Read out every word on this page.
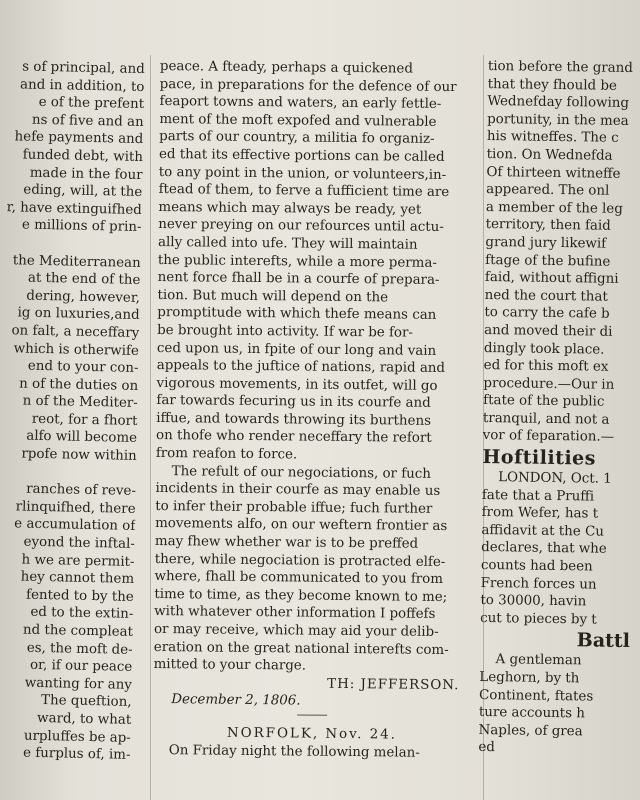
s of principal, and
and in addition, to
e of the prefent
ns of five and an
hefe payments and
funded debt, with
made in the four
eding, will, at the
r, have extinguifhed
e millions of prin-

the Mediterranean
at the end of the
dering, however,
ig on luxuries,and
on falt, a neceffary
which is otherwife
end to your con-
n of the duties on
n of the Mediter-
reot, for a fhort
alfo will become
rpofe now within

ranches of reve-
rlinquifhed, there
e accumulation of
eyond the inftal-
h we are permit-
hey cannot them
fented to by the
ed to the extin-
nd the compleat
es, the moft de-
or, if our peace
wanting for any
The queftion,
ward, to what
urpluffes be ap-
e furplus of, im-
peace. A fteady, perhaps a quickened
pace, in preparations for the defence of our
feaport towns and waters, an early fettle-
ment of the moft expofed and vulnerable
parts of our country, a militia fo organiz-
ed that its effective portions can be called
to any point in the union, or volunteers,in-
ftead of them, to ferve a fufficient time are
means which may always be ready, yet
never preying on our refources until actu-
ally called into ufe. They will maintain
the public interefts, while a more perma-
nent force fhall be in a courfe of prepara-
tion. But much will depend on the
promptitude with which thefe means can
be brought into activity. If war be for-
ced upon us, in fpite of our long and vain
appeals to the juftice of nations, rapid and
vigorous movements, in its outfet, will go
far towards fecuring us in its courfe and
iffue, and towards throwing its burthens
on thofe who render neceffary the refort
from reafon to force.
The refult of our negociations, or fuch
incidents in their courfe as may enable us
to infer their probable iffue; fuch further
movements alfo, on our weftern frontier as
may fhew whether war is to be preffed
there, while negociation is protracted elfe-
where, fhall be communicated to you from
time to time, as they become known to me;
with whatever other information I poffefs
or may receive, which may aid your delib-
eration on the great national interefts com-
mitted to your charge.
TH: JEFFERSON.
December 2, 1806.
NORFOLK, Nov. 24.
On Friday night the following melan-
tion before the grand
that they fhould be
Wednefday following
portunity, in the mea
his witneffes. The c
tion. On Wednefda
Of thirteen witneffe
appeared. The onl
a member of the leg
territory, then faid
grand jury likewif
ftage of the bufine
faid, without affigni
ned the court that
to carry the cafe b
and moved their di
dingly took place.
ed for this moft ex
procedure.—Our in
ftate of the public
tranquil, and not a
vor of feparation.—
Hoftilities
LONDON, Oct. 1
fate that a Pruffi
from Wefer, has t
affidavit at the Cu
declares, that whe
counts had been
French forces un
to 30000, havin
cut to pieces by t
Battl
A gentleman
Leghorn, by th
Continent, ftates
ture accounts h
Naples, of grea
ed
